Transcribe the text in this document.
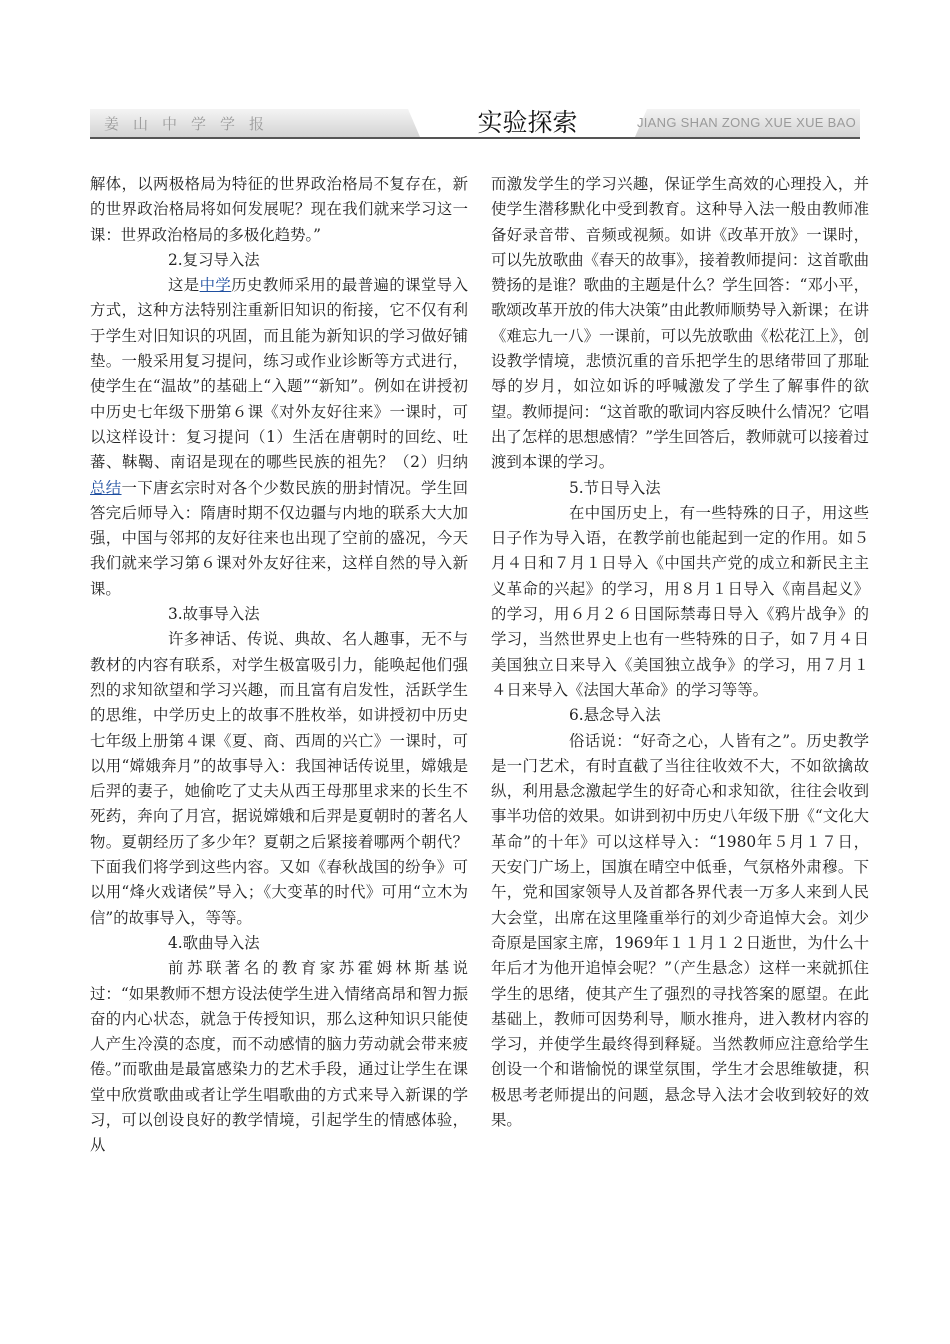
姜山中学学报	实验探索	JIANG SHAN ZONG XUE XUE BAO

解体，以两极格局为特征的世界政治格局不复存在，新的世界政治格局将如何发展呢？现在我们就来学习这一课：世界政治格局的多极化趋势。”

2.复习导入法

这是中学历史教师采用的最普遍的课堂导入方式，这种方法特别注重新旧知识的衔接，它不仅有利于学生对旧知识的巩固，而且能为新知识的学习做好铺垫。一般采用复习提问，练习或作业诊断等方式进行，使学生在“温故”的基础上“入题”“新知”。例如在讲授初中历史七年级下册第６课《对外友好往来》一课时，可以这样设计：复习提问（1）生活在唐朝时的回纥、吐蕃、靺鞨、南诏是现在的哪些民族的祖先？（2）归纳总结一下唐玄宗时对各个少数民族的册封情况。学生回答完后师导入：隋唐时期不仅边疆与内地的联系大大加强，中国与邻邦的友好往来也出现了空前的盛况，今天我们就来学习第６课对外友好往来，这样自然的导入新课。

3.故事导入法

许多神话、传说、典故、名人趣事，无不与教材的内容有联系，对学生极富吸引力，能唤起他们强烈的求知欲望和学习兴趣，而且富有启发性，活跃学生的思维，中学历史上的故事不胜枚举，如讲授初中历史七年级上册第４课《夏、商、西周的兴亡》一课时，可以用“嫦娥奔月”的故事导入：我国神话传说里，嫦娥是后羿的妻子，她偷吃了丈夫从西王母那里求来的长生不死药，奔向了月宫，据说嫦娥和后羿是夏朝时的著名人物。夏朝经历了多少年？夏朝之后紧接着哪两个朝代？下面我们将学到这些内容。又如《春秋战国的纷争》可以用“烽火戏诸侯”导入；《大变革的时代》可用“立木为信”的故事导入，等等。

4.歌曲导入法

前苏联著名的教育家苏霍姆林斯基说过：“如果教师不想方设法使学生进入情绪高昂和智力振奋的内心状态，就急于传授知识，那么这种知识只能使人产生冷漠的态度，而不动感情的脑力劳动就会带来疲倦。”而歌曲是最富感染力的艺术手段，通过让学生在课堂中欣赏歌曲或者让学生唱歌曲的方式来导入新课的学习，可以创设良好的教学情境，引起学生的情感体验，从

而激发学生的学习兴趣，保证学生高效的心理投入，并使学生潜移默化中受到教育。这种导入法一般由教师准备好录音带、音频或视频。如讲《改革开放》一课时，可以先放歌曲《春天的故事》，接着教师提问：这首歌曲赞扬的是谁？歌曲的主题是什么？学生回答：“邓小平，歌颂改革开放的伟大决策”由此教师顺势导入新课；在讲《难忘九一八》一课前，可以先放歌曲《松花江上》，创设教学情境，悲愤沉重的音乐把学生的思绪带回了那耻辱的岁月，如泣如诉的呼喊激发了学生了解事件的欲望。教师提问：“这首歌的歌词内容反映什么情况？它唱出了怎样的思想感情？”学生回答后，教师就可以接着过渡到本课的学习。

5.节日导入法

在中国历史上，有一些特殊的日子，用这些日子作为导入语，在教学前也能起到一定的作用。如５月４日和７月１日导入《中国共产党的成立和新民主主义革命的兴起》的学习，用８月１日导入《南昌起义》的学习，用６月２６日国际禁毒日导入《鸦片战争》的学习，当然世界史上也有一些特殊的日子，如７月４日美国独立日来导入《美国独立战争》的学习，用７月１４日来导入《法国大革命》的学习等等。

6.悬念导入法

俗话说：“好奇之心，人皆有之”。历史教学是一门艺术，有时直截了当往往收效不大，不如欲擒故纵，利用悬念激起学生的好奇心和求知欲，往往会收到事半功倍的效果。如讲到初中历史八年级下册《“文化大革命”的十年》可以这样导入：“1980年５月１７日，天安门广场上，国旗在晴空中低垂，气氛格外肃穆。下午，党和国家领导人及首都各界代表一万多人来到人民大会堂，出席在这里隆重举行的刘少奇追悼大会。刘少奇原是国家主席，1969年１１月１２日逝世，为什么十年后才为他开追悼会呢？”（产生悬念）这样一来就抓住学生的思绪，使其产生了强烈的寻找答案的愿望。在此基础上，教师可因势利导，顺水推舟，进入教材内容的学习，并使学生最终得到释疑。当然教师应注意给学生创设一个和谐愉悦的课堂氛围，学生才会思维敏捷，积极思考老师提出的问题，悬念导入法才会收到较好的效果。
